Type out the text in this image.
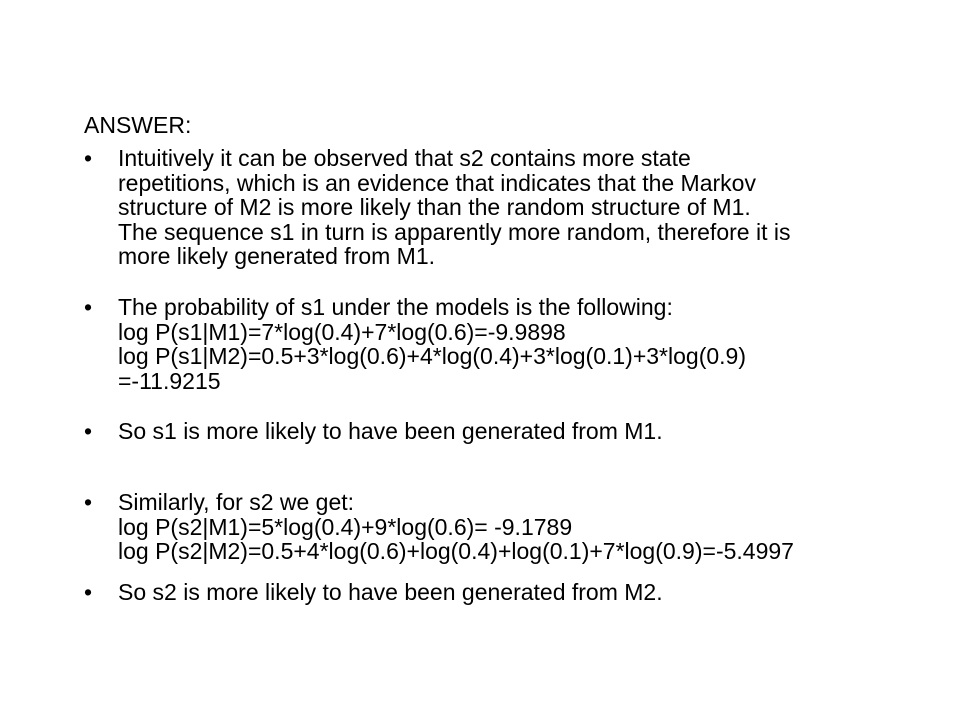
ANSWER:
• Intuitively it can be observed that s2 contains more state
repetitions, which is an evidence that indicates that the Markov
structure of M2 is more likely than the random structure of M1.
The sequence s1 in turn is apparently more random, therefore it is
more likely generated from M1.
• The probability of s1 under the models is the following:
log P(s1|M1)=7*log(0.4)+7*log(0.6)=-9.9898
log P(s1|M2)=0.5+3*log(0.6)+4*log(0.4)+3*log(0.1)+3*log(0.9)
=-11.9215
• So s1 is more likely to have been generated from M1.
• Similarly, for s2 we get:
log P(s2|M1)=5*log(0.4)+9*log(0.6)= -9.1789
log P(s2|M2)=0.5+4*log(0.6)+log(0.4)+log(0.1)+7*log(0.9)=-5.4997
• So s2 is more likely to have been generated from M2.
